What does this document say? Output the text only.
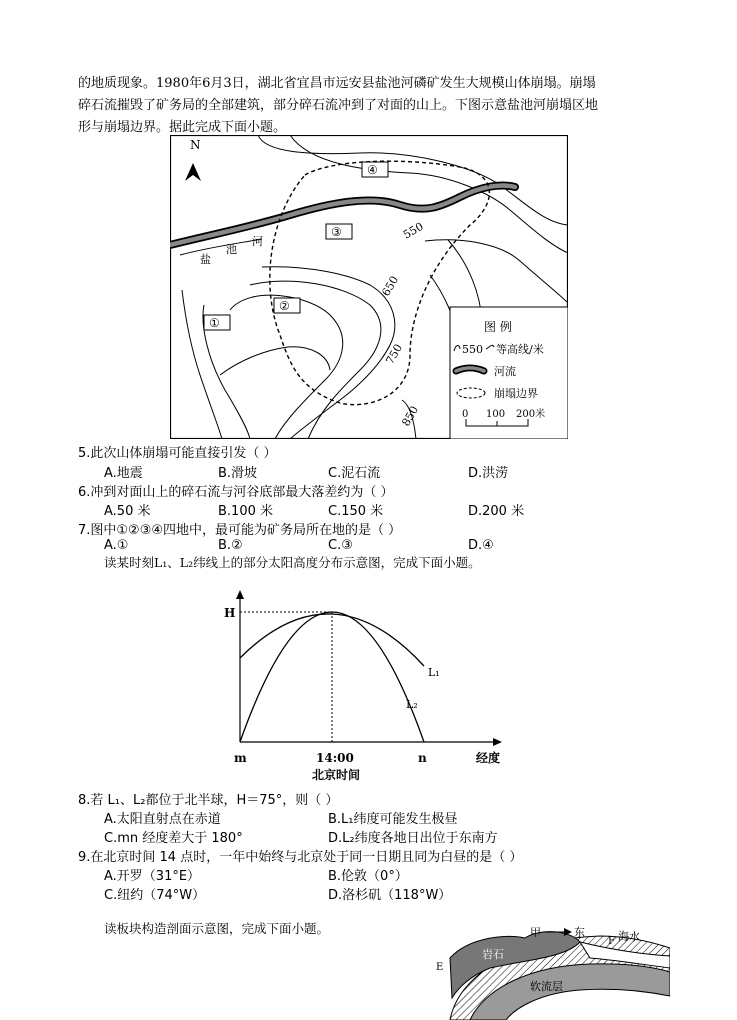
的地质现象。1980年6月3日，湖北省宜昌市远安县盐池河磷矿发生大规模山体崩塌。崩塌
碎石流摧毁了矿务局的全部建筑，部分碎石流冲到了对面的山上。下图示意盐池河崩塌区地
形与崩塌边界。据此完成下面小题。
N
盐
池
河	550
650
750
850
①
②
③
④
图 例
550 等高线/米
河流
崩塌边界
0 100 200米
5.此次山体崩塌可能直接引发（ ）
A.地震	B.滑坡	C.泥石流	D.洪涝
6.冲到对面山上的碎石流与河谷底部最大落差约为（ ）
A.50 米	B.100 米	C.150 米	D.200 米
7.图中①②③④四地中，最可能为矿务局所在地的是（ ）
A.①	B.②	C.③	D.④
读某时刻L₁、L₂纬线上的部分太阳高度分布示意图，完成下面小题。
H
L₁
L₂
m	14:00	n	经度
北京时间
8.若 L₁、L₂都位于北半球，H＝75°，则（ ）
A.太阳直射点在赤道	B.L₁纬度可能发生极昼
C.mn 经度差大于 180°	D.L₂纬度各地日出位于东南方
9.在北京时间 14 点时，一年中始终与北京处于同一日期且同为白昼的是（ ）
A.开罗（31°E）	B.伦敦（0°）
C.纽约（74°W）	D.洛杉矶（118°W）
读板块构造剖面示意图，完成下面小题。
软流层
岩石
甲	东	海水
F
E
